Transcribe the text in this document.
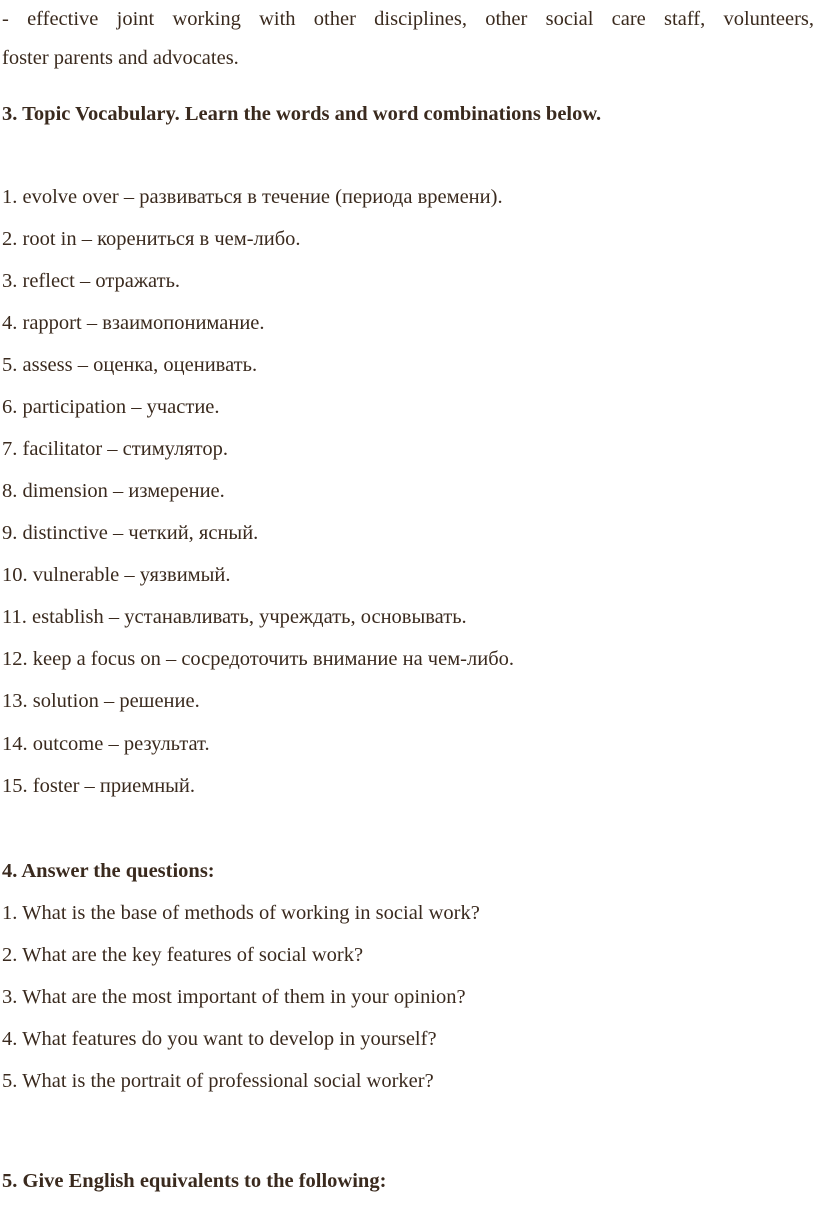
- effective joint working with other disciplines, other social care staff, volunteers,
foster parents and advocates.
3. Topic Vocabulary. Learn the words and word combinations below.
1. evolve over – развиваться в течение (периода времени).
2. root in – корениться в чем-либо.
3. reflect – отражать.
4. rapport – взаимопонимание.
5. assess – оценка, оценивать.
6. participation – участие.
7. facilitator – стимулятор.
8. dimension – измерение.
9. distinctive – четкий, ясный.
10. vulnerable – уязвимый.
11. establish – устанавливать, учреждать, основывать.
12. keep a focus on – сосредоточить внимание на чем-либо.
13. solution – решение.
14. outcome – результат.
15. foster – приемный.
4. Answer the questions:
1. What is the base of methods of working in social work?
2. What are the key features of social work?
3. What are the most important of them in your opinion?
4. What features do you want to develop in yourself?
5. What is the portrait of professional social worker?
5. Give English equivalents to the following:
